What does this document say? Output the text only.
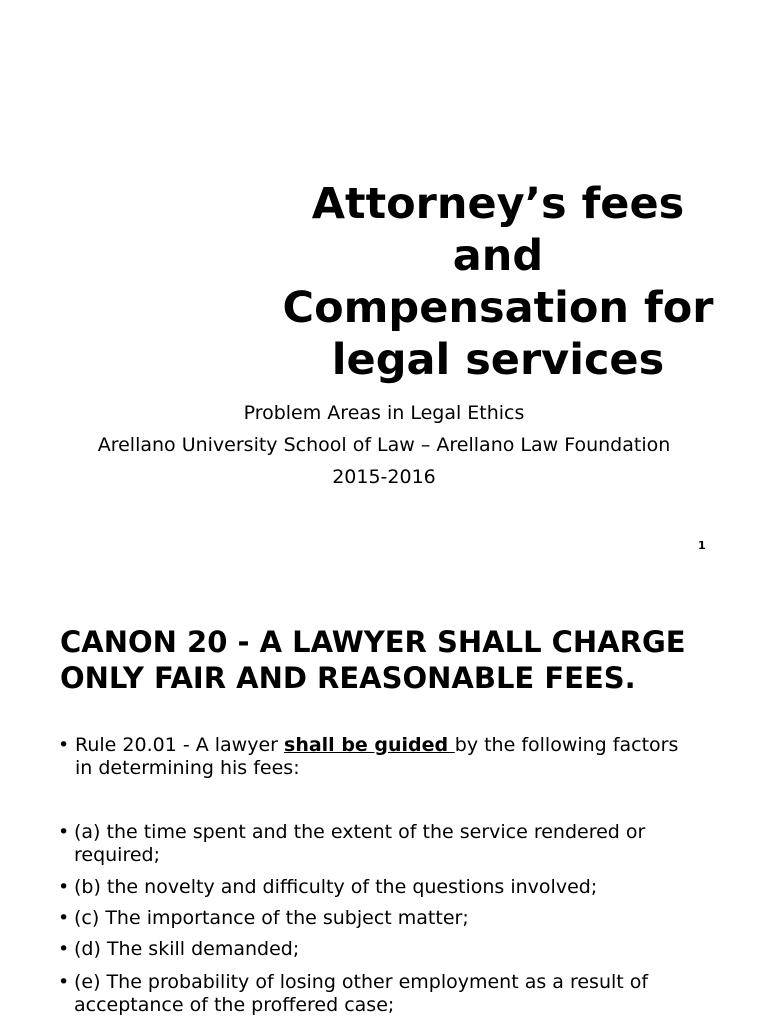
Attorney’s fees and
Compensation for
legal services
Problem Areas in Legal Ethics
Arellano University School of Law – Arellano Law Foundation
2015-2016
1
CANON 20 - A LAWYER SHALL CHARGE
ONLY FAIR AND REASONABLE FEES.
• Rule 20.01 - A lawyer shall be guided by the following factors
in determining his fees:
• (a) the time spent and the extent of the service rendered or
required;
• (b) the novelty and difficulty of the questions involved;
• (c) The importance of the subject matter;
• (d) The skill demanded;
• (e) The probability of losing other employment as a result of
acceptance of the proffered case;
